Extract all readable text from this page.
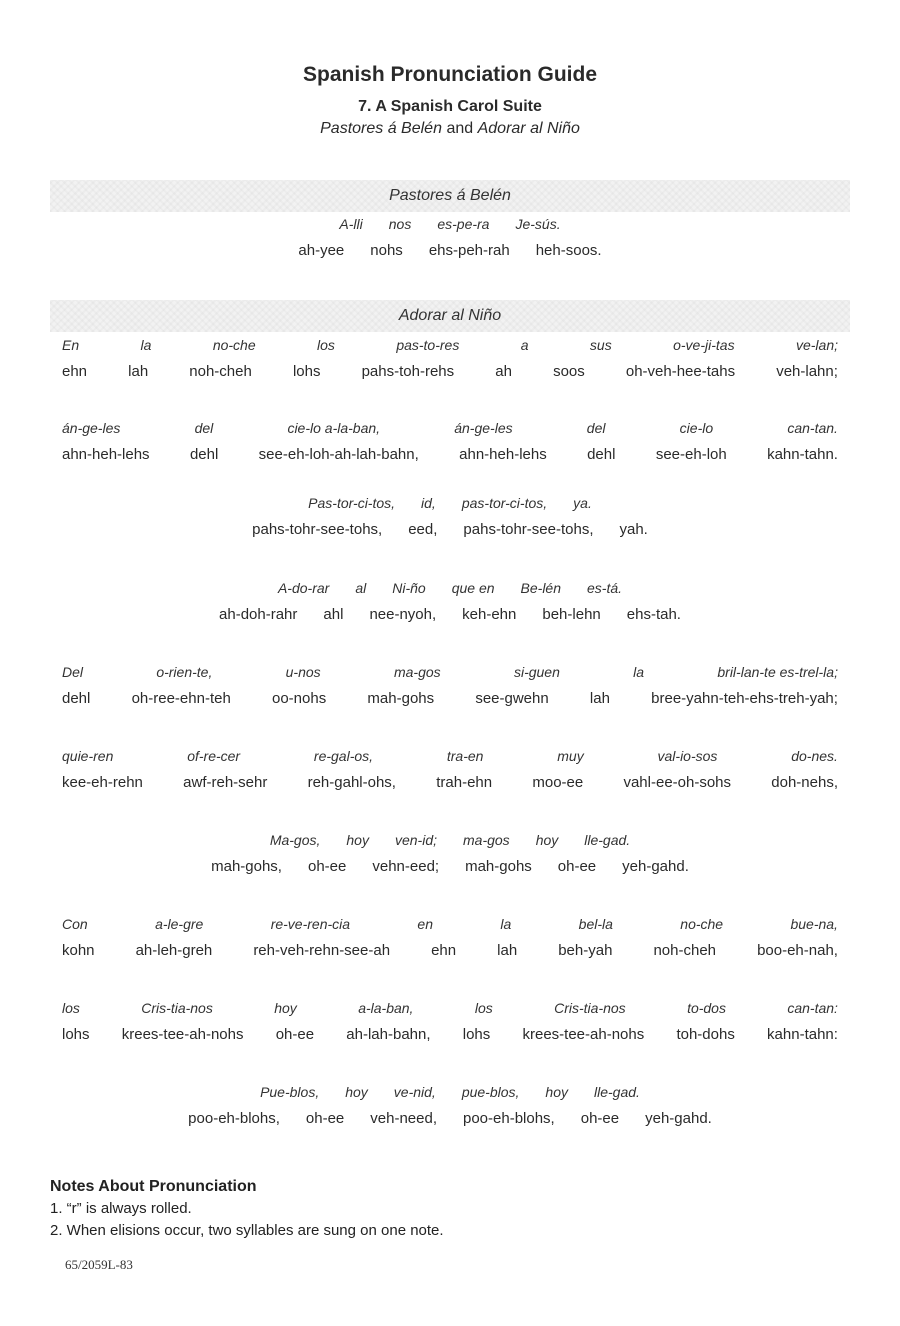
Spanish Pronunciation Guide
7. A Spanish Carol Suite
Pastores á Belén and Adorar al Niño
Pastores á Belén
A-lli nos es-pe-ra Je-sús.
ah-yee nohs ehs-peh-rah heh-soos.
Adorar al Niño
En	la	no-che	los	pas-to-res	a	sus	o-ve-ji-tas	ve-lan;
ehn	lah	noh-cheh	lohs	pahs-toh-rehs	ah	soos	oh-veh-hee-tahs	veh-lahn;
án-ge-les	del	cie-lo a-la-ban,	án-ge-les	del	cie-lo	can-tan.
ahn-heh-lehs	dehl	see-eh-loh-ah-lah-bahn,	ahn-heh-lehs	dehl	see-eh-loh	kahn-tahn.
Pas-tor-ci-tos, id, pas-tor-ci-tos, ya.
pahs-tohr-see-tohs, eed, pahs-tohr-see-tohs, yah.
A-do-rar al Ni-ño que en Be-lén es-tá.
ah-doh-rahr ahl nee-nyoh, keh-ehn beh-lehn ehs-tah.
Del	o-rien-te,	u-nos	ma-gos	si-guen	la	bril-lan-te es-trel-la;
dehl	oh-ree-ehn-teh	oo-nohs	mah-gohs	see-gwehn	lah	bree-yahn-teh-ehs-treh-yah;
quie-ren	of-re-cer	re-gal-os,	tra-en	muy	val-io-sos	do-nes.
kee-eh-rehn	awf-reh-sehr	reh-gahl-ohs,	trah-ehn	moo-ee	vahl-ee-oh-sohs	doh-nehs,
Ma-gos, hoy ven-id; ma-gos hoy lle-gad.
mah-gohs, oh-ee vehn-eed; mah-gohs oh-ee yeh-gahd.
Con	a-le-gre	re-ve-ren-cia	en	la	bel-la	no-che	bue-na,
kohn	ah-leh-greh	reh-veh-rehn-see-ah	ehn	lah	beh-yah	noh-cheh	boo-eh-nah,
los	Cris-tia-nos	hoy	a-la-ban,	los	Cris-tia-nos	to-dos	can-tan:
lohs krees-tee-ah-nohs oh-ee ah-lah-bahn, lohs krees-tee-ah-nohs toh-dohs kahn-tahn:
Pue-blos, hoy ve-nid, pue-blos, hoy lle-gad.
poo-eh-blohs, oh-ee veh-need, poo-eh-blohs, oh-ee yeh-gahd.
Notes About Pronunciation
1. “r” is always rolled.
2. When elisions occur, two syllables are sung on one note.
65/2059L-83
